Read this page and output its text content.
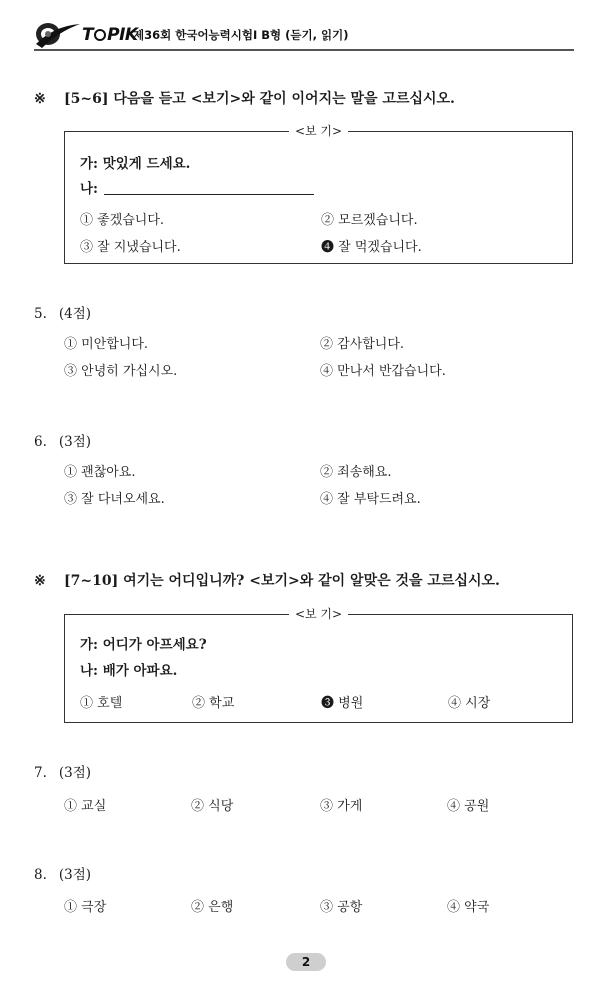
T PIK
제36회 한국어능력시험Ⅰ B형 (듣기, 읽기)
※ [5~6] 다음을 듣고 <보기>와 같이 이어지는 말을 고르십시오.
<보 기>
가: 맛있게 드세요.
나:
① 좋겠습니다.	② 모르겠습니다.
③ 잘 지냈습니다.	❹ 잘 먹겠습니다.
5. (4점)
① 미안합니다.	② 감사합니다.
③ 안녕히 가십시오.	④ 만나서 반갑습니다.
6. (3점)
① 괜찮아요.	② 죄송해요.
③ 잘 다녀오세요.	④ 잘 부탁드려요.
※ [7~10] 여기는 어디입니까? <보기>와 같이 알맞은 것을 고르십시오.
<보 기>
가: 어디가 아프세요?
나: 배가 아파요.
① 호텔	② 학교	❸ 병원	④ 시장
7. (3점)
① 교실	② 식당	③ 가게	④ 공원
8. (3점)
① 극장	② 은행	③ 공항	④ 약국
2
